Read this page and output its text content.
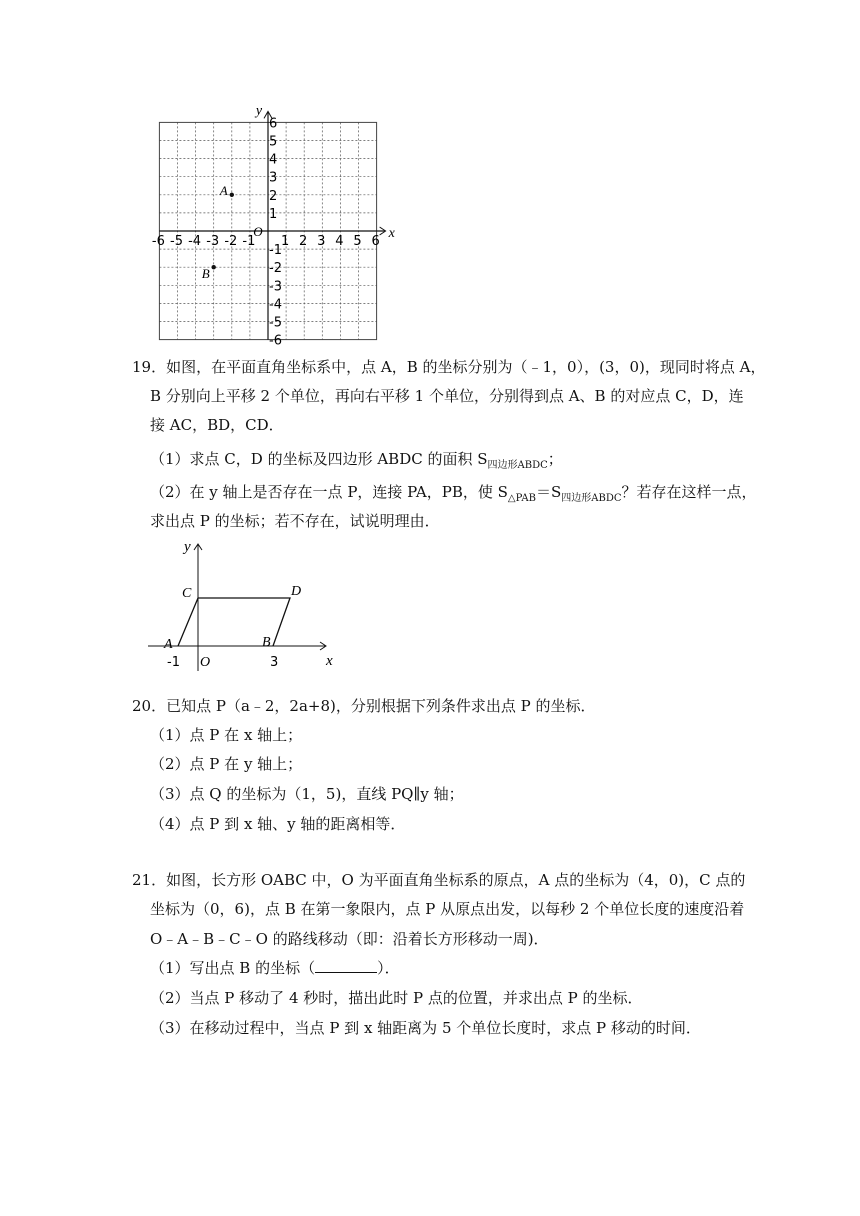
-6 -5 -4 -3 -2 -1 1 2 3 4 5 6
6
5
4
3
2
1
-1
-2
-3
-4
-5
-6
x
y
O
A
B
19．如图，在平面直角坐标系中，点 A，B 的坐标分别为（﹣1，0），(3，0)，现同时将点 A，
B 分别向上平移 2 个单位，再向右平移 1 个单位，分别得到点 A、B 的对应点 C，D，连
接 AC，BD，CD．
（1）求点 C，D 的坐标及四边形 ABDC 的面积 $S_{四边形ABDC}$；
（2）在 y 轴上是否存在一点 P，连接 PA，PB，使 $S_{\triangle PAB}=S_{四边形ABDC}$？若存在这样一点，
求出点 P 的坐标；若不存在，试说明理由．
x
y
O
A
C	D
B
-1	3
20．已知点 P（a﹣2，2a+8)，分别根据下列条件求出点 P 的坐标．
（1）点 P 在 x 轴上；
（2）点 P 在 y 轴上；
（3）点 Q 的坐标为（1，5)，直线 PQ∥y 轴；
（4）点 P 到 x 轴、y 轴的距离相等．
21．如图，长方形 OABC 中，O 为平面直角坐标系的原点，A 点的坐标为（4，0)，C 点的
坐标为（0，6)，点 B 在第一象限内，点 P 从原点出发，以每秒 2 个单位长度的速度沿着
O﹣A﹣B﹣C﹣O 的路线移动（即：沿着长方形移动一周)．
（1）写出点 B 的坐标（	）．
（2）当点 P 移动了 4 秒时，描出此时 P 点的位置，并求出点 P 的坐标．
（3）在移动过程中，当点 P 到 x 轴距离为 5 个单位长度时，求点 P 移动的时间．
